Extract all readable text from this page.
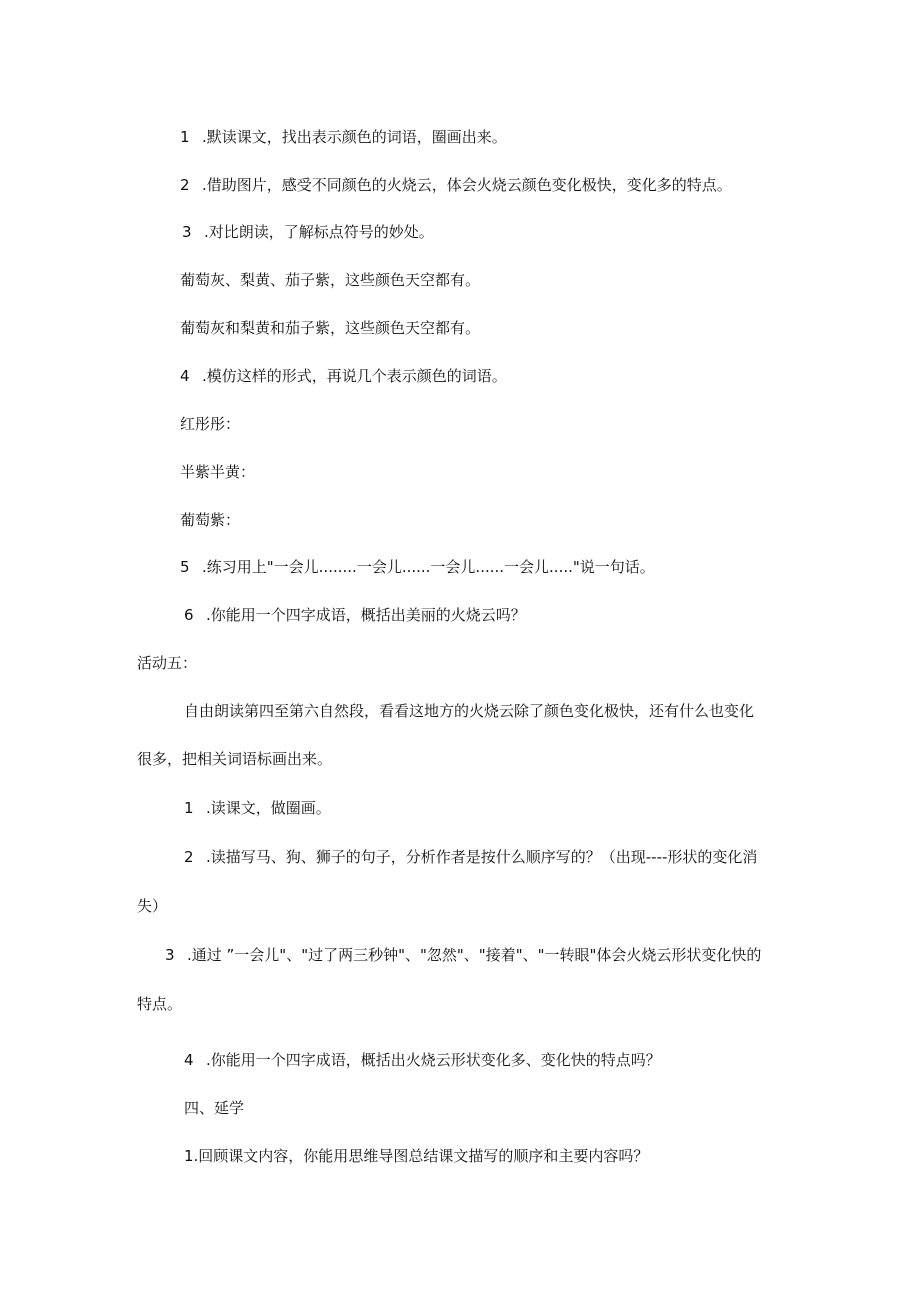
1 .默读课文，找出表示颜色的词语，圈画出来。
2 .借助图片，感受不同颜色的火烧云，体会火烧云颜色变化极快，变化多的特点。
3 .对比朗读，了解标点符号的妙处。
葡萄灰、梨黄、茄子紫，这些颜色天空都有。
葡萄灰和梨黄和茄子紫，这些颜色天空都有。
4 .模仿这样的形式，再说几个表示颜色的词语。
红彤彤：
半紫半黄：
葡萄紫：
5 .练习用上"一会儿........一会儿......一会儿......一会儿....."说一句话。
6 .你能用一个四字成语，概括出美丽的火烧云吗？
活动五：
自由朗读第四至第六自然段，看看这地方的火烧云除了颜色变化极快，还有什么也变化
很多，把相关词语标画出来。
1 .读课文，做圈画。
2 .读描写马、狗、狮子的句子，分析作者是按什么顺序写的？（出现----形状的变化消
失）
3 .通过 ”一会儿"、"过了两三秒钟"、"忽然"、"接着"、"一转眼"体会火烧云形状变化快的
特点。
4 .你能用一个四字成语，概括出火烧云形状变化多、变化快的特点吗？
四、延学
1.回顾课文内容，你能用思维导图总结课文描写的顺序和主要内容吗？
